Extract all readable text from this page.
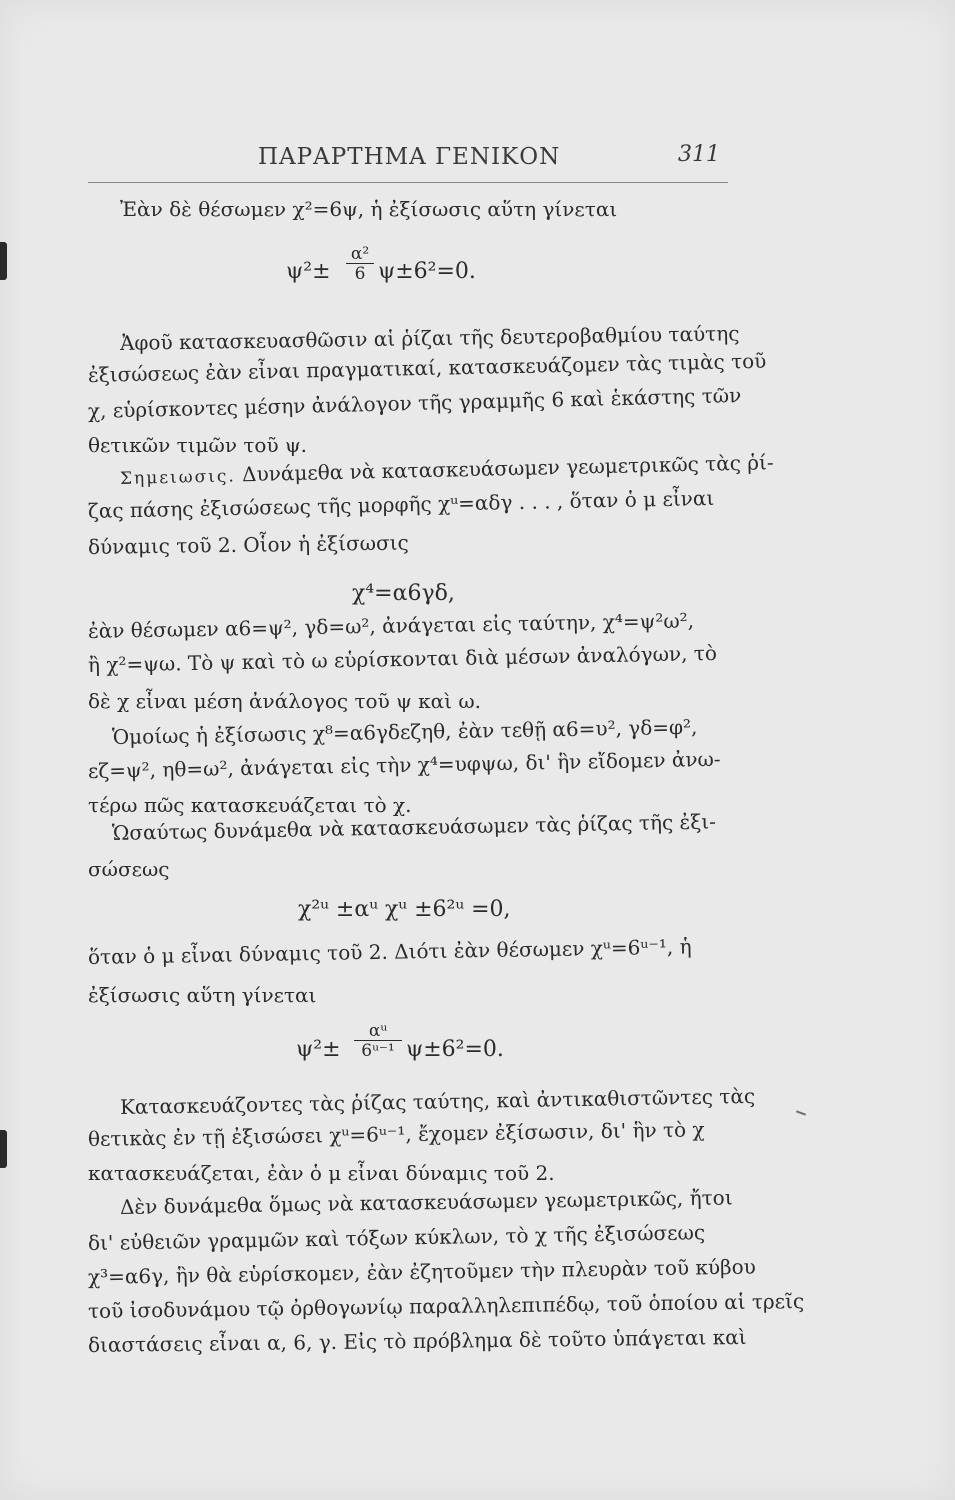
ΠΑΡΑΡΤΗΜΑ ΓΕΝΙΚΟΝ	311
Ἐὰν δὲ θέσωμεν χ²=6ψ, ἡ ἐξίσωσις αὕτη γίνεται
$\psi^2\pm \frac{\text{α²}}{6} \psi\pm 6^2=0$.
Ἀφοῦ κατασκευασθῶσιν αἱ ῥίζαι τῆς δευτεροβαθμίου ταύτης
ἐξισώσεως ἐὰν εἶναι πραγματικαί, κατασκευάζομεν τὰς τιμὰς τοῦ
χ, εὑρίσκοντες μέσην ἀνάλογον τῆς γραμμῆς 6 καὶ ἑκάστης τῶν
θετικῶν τιμῶν τοῦ ψ.
Σημειωσις. Δυνάμεθα νὰ κατασκευάσωμεν γεωμετρικῶς τὰς ῥί-
ζας πάσης ἐξισώσεως τῆς μορφῆς χᵘ=αδγ . . . , ὅταν ὁ μ εἶναι
δύναμις τοῦ 2. Οἷον ἡ ἐξίσωσις
χ⁴=α6γδ,
ἐὰν θέσωμεν α6=ψ², γδ=ω², ἀνάγεται εἰς ταύτην, χ⁴=ψ²ω²,
ἢ χ²=ψω. Τὸ ψ καὶ τὸ ω εὑρίσκονται διὰ μέσων ἀναλόγων, τὸ
δὲ χ εἶναι μέση ἀνάλογος τοῦ ψ καὶ ω.
Ὁμοίως ἡ ἐξίσωσις χ⁸=α6γδεζηθ, ἐὰν τεθῇ α6=υ², γδ=φ²,
εζ=ψ², ηθ=ω², ἀνάγεται εἰς τὴν χ⁴=υφψω, δι' ἣν εἴδομεν ἀνω-
τέρω πῶς κατασκευάζεται τὸ χ.
Ὡσαύτως δυνάμεθα νὰ κατασκευάσωμεν τὰς ῥίζας τῆς ἐξι-
σώσεως
χ²ᵘ ±αᵘ χᵘ ±6²ᵘ =0,
ὅταν ὁ μ εἶναι δύναμις τοῦ 2. Διότι ἐὰν θέσωμεν χᵘ=6ᵘ⁻¹, ἡ
ἐξίσωσις αὕτη γίνεται
$\psi^2\pm \frac{\text{αᵘ}}{\text{6ᵘ⁻¹}} \psi\pm 6^2=0$.
Κατασκευάζοντες τὰς ῥίζας ταύτης, καὶ ἀντικαθιστῶντες τὰς
θετικὰς ἐν τῇ ἐξισώσει χᵘ=6ᵘ⁻¹, ἔχομεν ἐξίσωσιν, δι' ἣν τὸ χ
κατασκευάζεται, ἐὰν ὁ μ εἶναι δύναμις τοῦ 2.
Δὲν δυνάμεθα ὅμως νὰ κατασκευάσωμεν γεωμετρικῶς, ἤτοι
δι' εὐθειῶν γραμμῶν καὶ τόξων κύκλων, τὸ χ τῆς ἐξισώσεως
χ³=α6γ, ἣν θὰ εὑρίσκομεν, ἐὰν ἐζητοῦμεν τὴν πλευρὰν τοῦ κύβου
τοῦ ἰσοδυνάμου τῷ ὀρθογωνίῳ παραλληλεπιπέδῳ, τοῦ ὁποίου αἱ τρεῖς
διαστάσεις εἶναι α, 6, γ. Εἰς τὸ πρόβλημα δὲ τοῦτο ὑπάγεται καὶ
